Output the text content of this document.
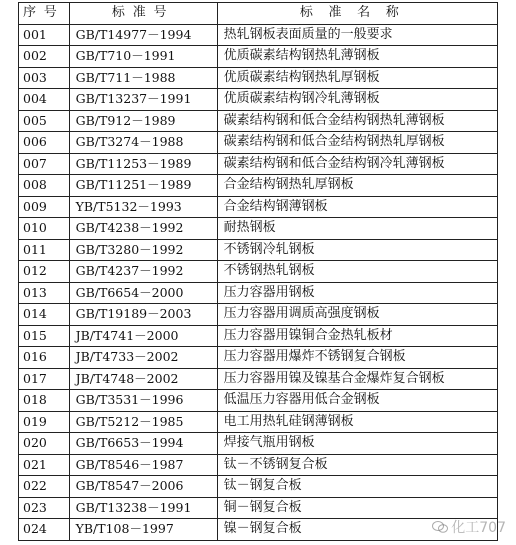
序号	标准号	标准名称
001	GB/T14977－1994	热轧钢板表面质量的一般要求
002	GB/T710－1991	优质碳素结构钢热轧薄钢板
003	GB/T711－1988	优质碳素结构钢热轧厚钢板
004	GB/T13237－1991	优质碳素结构钢冷轧薄钢板
005	GB/T912－1989	碳素结构钢和低合金结构钢热轧薄钢板
006	GB/T3274－1988	碳素结构钢和低合金结构钢热轧厚钢板
007	GB/T11253－1989	碳素结构钢和低合金结构钢冷轧薄钢板
008	GB/T11251－1989	合金结构钢热轧厚钢板
009	YB/T5132－1993	合金结构钢薄钢板
010	GB/T4238－1992	耐热钢板
011	GB/T3280－1992	不锈钢冷轧钢板
012	GB/T4237－1992	不锈钢热轧钢板
013	GB/T6654－2000	压力容器用钢板
014	GB/T19189－2003	压力容器用调质高强度钢板
015	JB/T4741－2000	压力容器用镍铜合金热轧板材
016	JB/T4733－2002	压力容器用爆炸不锈钢复合钢板
017	JB/T4748－2002	压力容器用镍及镍基合金爆炸复合钢板
018	GB/T3531－1996	低温压力容器用低合金钢板
019	GB/T5212－1985	电工用热轧硅钢薄钢板
020	GB/T6653－1994	焊接气瓶用钢板
021	GB/T8546－1987	钛－不锈钢复合板
022	GB/T8547－2006	钛－钢复合板
023	GB/T13238－1991	铜－钢复合板
024	YB/T108－1997	镍－钢复合板	化工707
